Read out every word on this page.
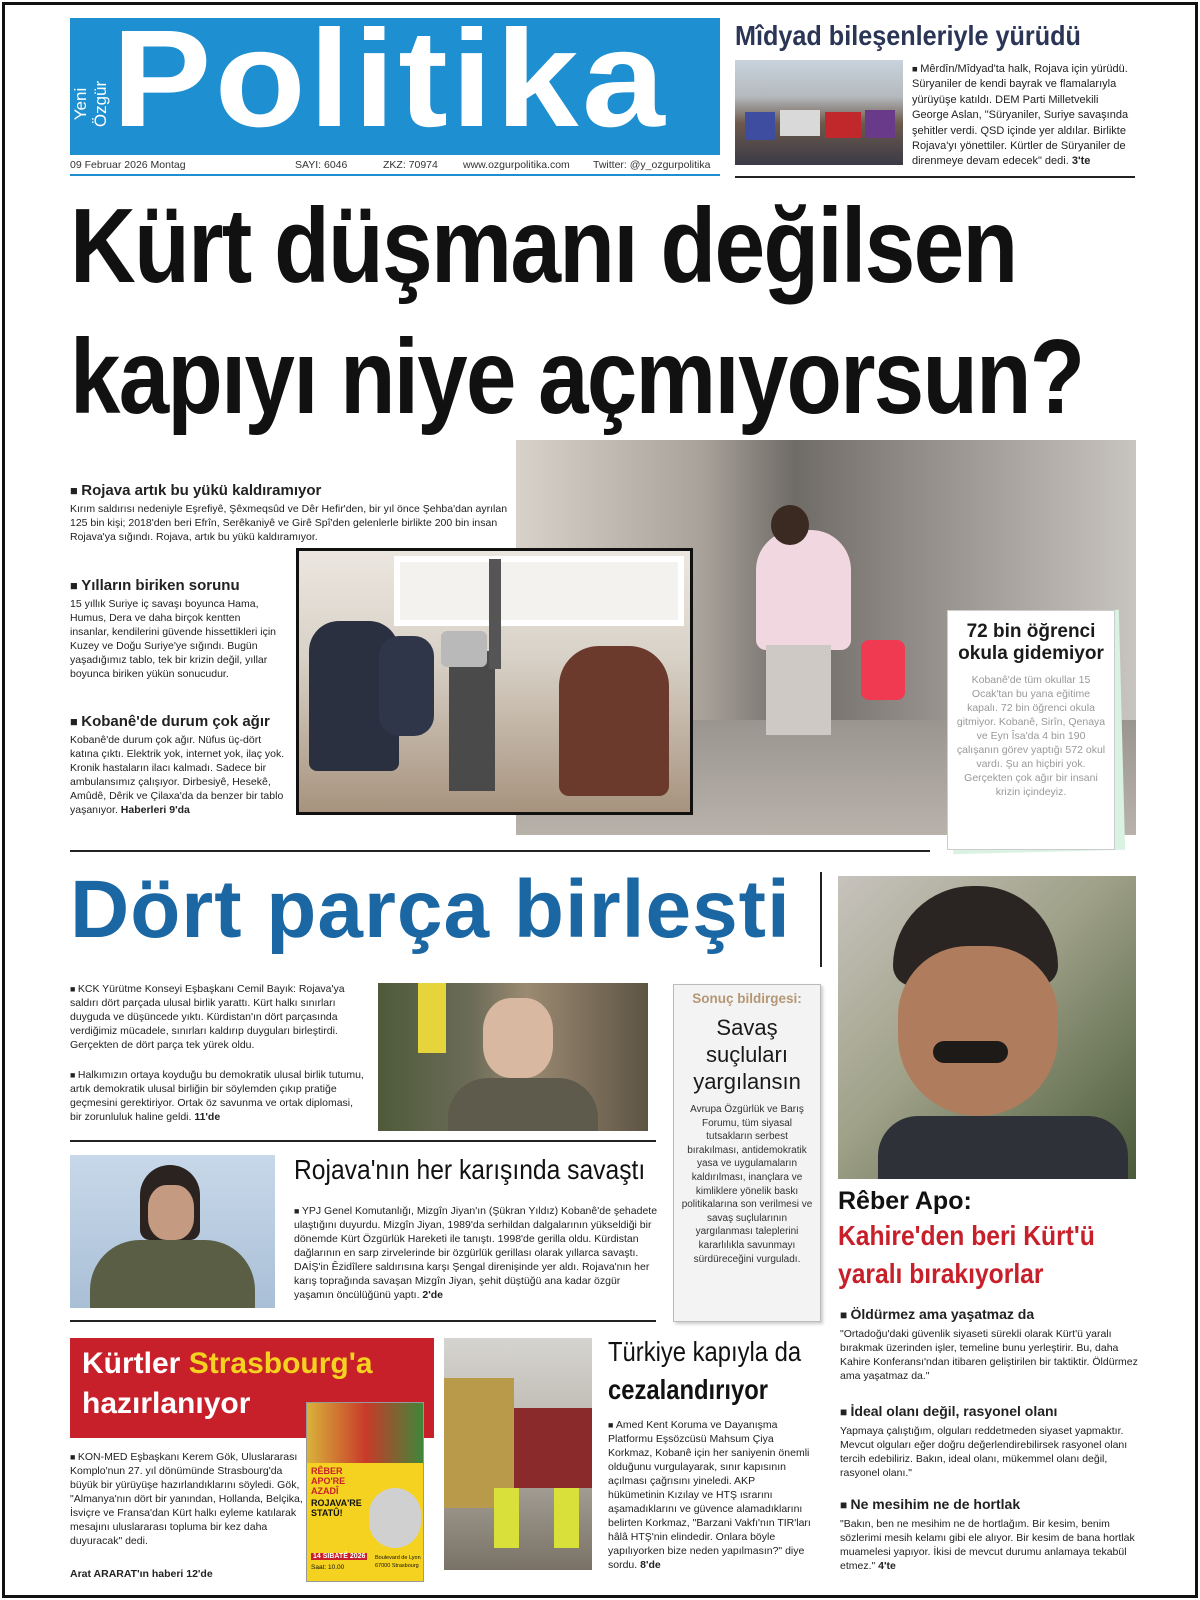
Yeni Özgür Politika
09 Februar 2026 Montag	SAYI: 6046	ZKZ: 70974 www.ozgurpolitika.com Twitter: @y_ozgurpolitika
Mîdyad bileşenleriyle yürüdü
■ Mêrdîn/Mîdyad'ta halk, Rojava için yürüdü. Süryaniler de kendi bayrak ve flamalarıyla yürüyüşe katıldı. DEM Parti Milletvekili George Aslan, "Süryaniler, Suriye savaşında şehitler verdi. QSD içinde yer aldılar. Birlikte Rojava'yı yönettiler. Kürtler de Süryaniler de direnmeye devam edecek" dedi. 3'te
Kürt düşmanı değilsen
kapıyı niye açmıyorsun?
■ Rojava artık bu yükü kaldıramıyor
Kırım saldırısı nedeniyle Eşrefiyê, Şêxmeqsûd ve Dêr Hefir'den, bir yıl önce Şehba'dan ayrılan 125 bin kişi; 2018'den beri Efrîn, Serêkaniyê ve Girê Spî'den gelenlerle birlikte 200 bin insan Rojava'ya sığındı. Rojava, artık bu yükü kaldıramıyor.
■ Yılların biriken sorunu
15 yıllık Suriye iç savaşı boyunca Hama, Humus, Dera ve daha birçok kentten insanlar, kendilerini güvende hissettikleri için Kuzey ve Doğu Suriye'ye sığındı. Bugün yaşadığımız tablo, tek bir krizin değil, yıllar boyunca biriken yükün sonucudur.
■ Kobanê'de durum çok ağır
Kobanê'de durum çok ağır. Nüfus üç-dört katına çıktı. Elektrik yok, internet yok, ilaç yok. Kronik hastaların ilacı kalmadı. Sadece bir ambulansımız çalışıyor. Dirbesiyê, Hesekê, Amûdê, Dêrik ve Çilaxa'da da benzer bir tablo yaşanıyor. Haberleri 9'da
72 bin öğrenci
okula gidemiyor
Kobanê'de tüm okullar 15 Ocak'tan bu yana eğitime kapalı. 72 bin öğrenci okula gitmiyor. Kobanê, Sirîn, Qenaya ve Eyn Îsa'da 4 bin 190 çalışanın görev yaptığı 572 okul vardı. Şu an hiçbiri yok. Gerçekten çok ağır bir insani krizin içindeyiz.
Dört parça birleşti
■ KCK Yürütme Konseyi Eşbaşkanı Cemil Bayık: Rojava'ya saldırı dört parçada ulusal birlik yarattı. Kürt halkı sınırları duyguda ve düşüncede yıktı. Kürdistan'ın dört parçasında verdiğimiz mücadele, sınırları kaldırıp duyguları birleştirdi. Gerçekten de dört parça tek yürek oldu.
■ Halkımızın ortaya koyduğu bu demokratik ulusal birlik tutumu, artık demokratik ulusal birliğin bir söylemden çıkıp pratiğe geçmesini gerektiriyor. Ortak öz savunma ve ortak diplomasi, bir zorunluluk haline geldi. 11'de
Sonuç bildirgesi:
Savaş
suçluları
yargılansın
Avrupa Özgürlük ve Barış Forumu, tüm siyasal tutsakların serbest bırakılması, antidemokratik yasa ve uygulamaların kaldırılması, inançlara ve kimliklere yönelik baskı politikalarına son verilmesi ve savaş suçlularının yargılanması taleplerini kararlılıkla savunmayı sürdüreceğini vurguladı.
Rêber Apo:
Kahire'den beri Kürt'ü
yaralı bırakıyorlar
■ Öldürmez ama yaşatmaz da
"Ortadoğu'daki güvenlik siyaseti sürekli olarak Kürt'ü yaralı bırakmak üzerinden işler, temeline bunu yerleştirir. Bu, daha Kahire Konferansı'ndan itibaren geliştirilen bir taktiktir. Öldürmez ama yaşatmaz da."
■ İdeal olanı değil, rasyonel olanı
Yapmaya çalıştığım, olguları reddetmeden siyaset yapmaktır. Mevcut olguları eğer doğru değerlendirebilirsek rasyonel olanı tercih edebiliriz. Bakın, ideal olanı, mükemmel olanı değil, rasyonel olanı."
■ Ne mesihim ne de hortlak
"Bakın, ben ne mesihim ne de hortlağım. Bir kesim, benim sözlerimi mesih kelamı gibi ele alıyor. Bir kesim de bana hortlak muamelesi yapıyor. İkisi de mevcut durumu anlamaya tekabül etmez." 4'te
Rojava'nın her karışında savaştı
■ YPJ Genel Komutanlığı, Mizgîn Jiyan'ın (Şükran Yıldız) Kobanê'de şehadete ulaştığını duyurdu. Mizgîn Jiyan, 1989'da serhildan dalgalarının yükseldiği bir dönemde Kürt Özgürlük Hareketi ile tanıştı. 1998'de gerilla oldu. Kürdistan dağlarının en sarp zirvelerinde bir özgürlük gerillası olarak yıllarca savaştı. DAİŞ'in Êzidîlere saldırısına karşı Şengal direnişinde yer aldı. Rojava'nın her karış toprağında savaşan Mizgîn Jiyan, şehit düştüğü ana kadar özgür yaşamın öncülüğünü yaptı. 2'de
Kürtler Strasbourg'a
hazırlanıyor
■ KON-MED Eşbaşkanı Kerem Gök, Uluslararası Komplo'nun 27. yıl dönümünde Strasbourg'da büyük bir yürüyüşe hazırlandıklarını söyledi. Gök, "Almanya'nın dört bir yanından, Hollanda, Belçika, İsviçre ve Fransa'dan Kürt halkı eyleme katılarak mesajını uluslararası topluma bir kez daha duyuracak" dedi.
Arat ARARAT'ın haberi 12'de
RÊBER
APO'RE
AZADÎ
ROJAVA'RE
STATÛ!
14 SIBATÊ 2026
Saat: 10.00
Boulevard de Lyon
67000 Strasbourg
Türkiye kapıyla da
cezalandırıyor
■ Amed Kent Koruma ve Dayanışma Platformu Eşsözcüsü Mahsum Çiya Korkmaz, Kobanê için her saniyenin önemli olduğunu vurgulayarak, sınır kapısının açılması çağrısını yineledi. AKP hükümetinin Kızılay ve HTŞ ısrarını aşamadıklarını ve güvence alamadıklarını belirten Korkmaz, "Barzani Vakfı'nın TIR'ları hâlâ HTŞ'nin elindedir. Onlara böyle yapılıyorken bize neden yapılmasın?" diye sordu. 8'de
